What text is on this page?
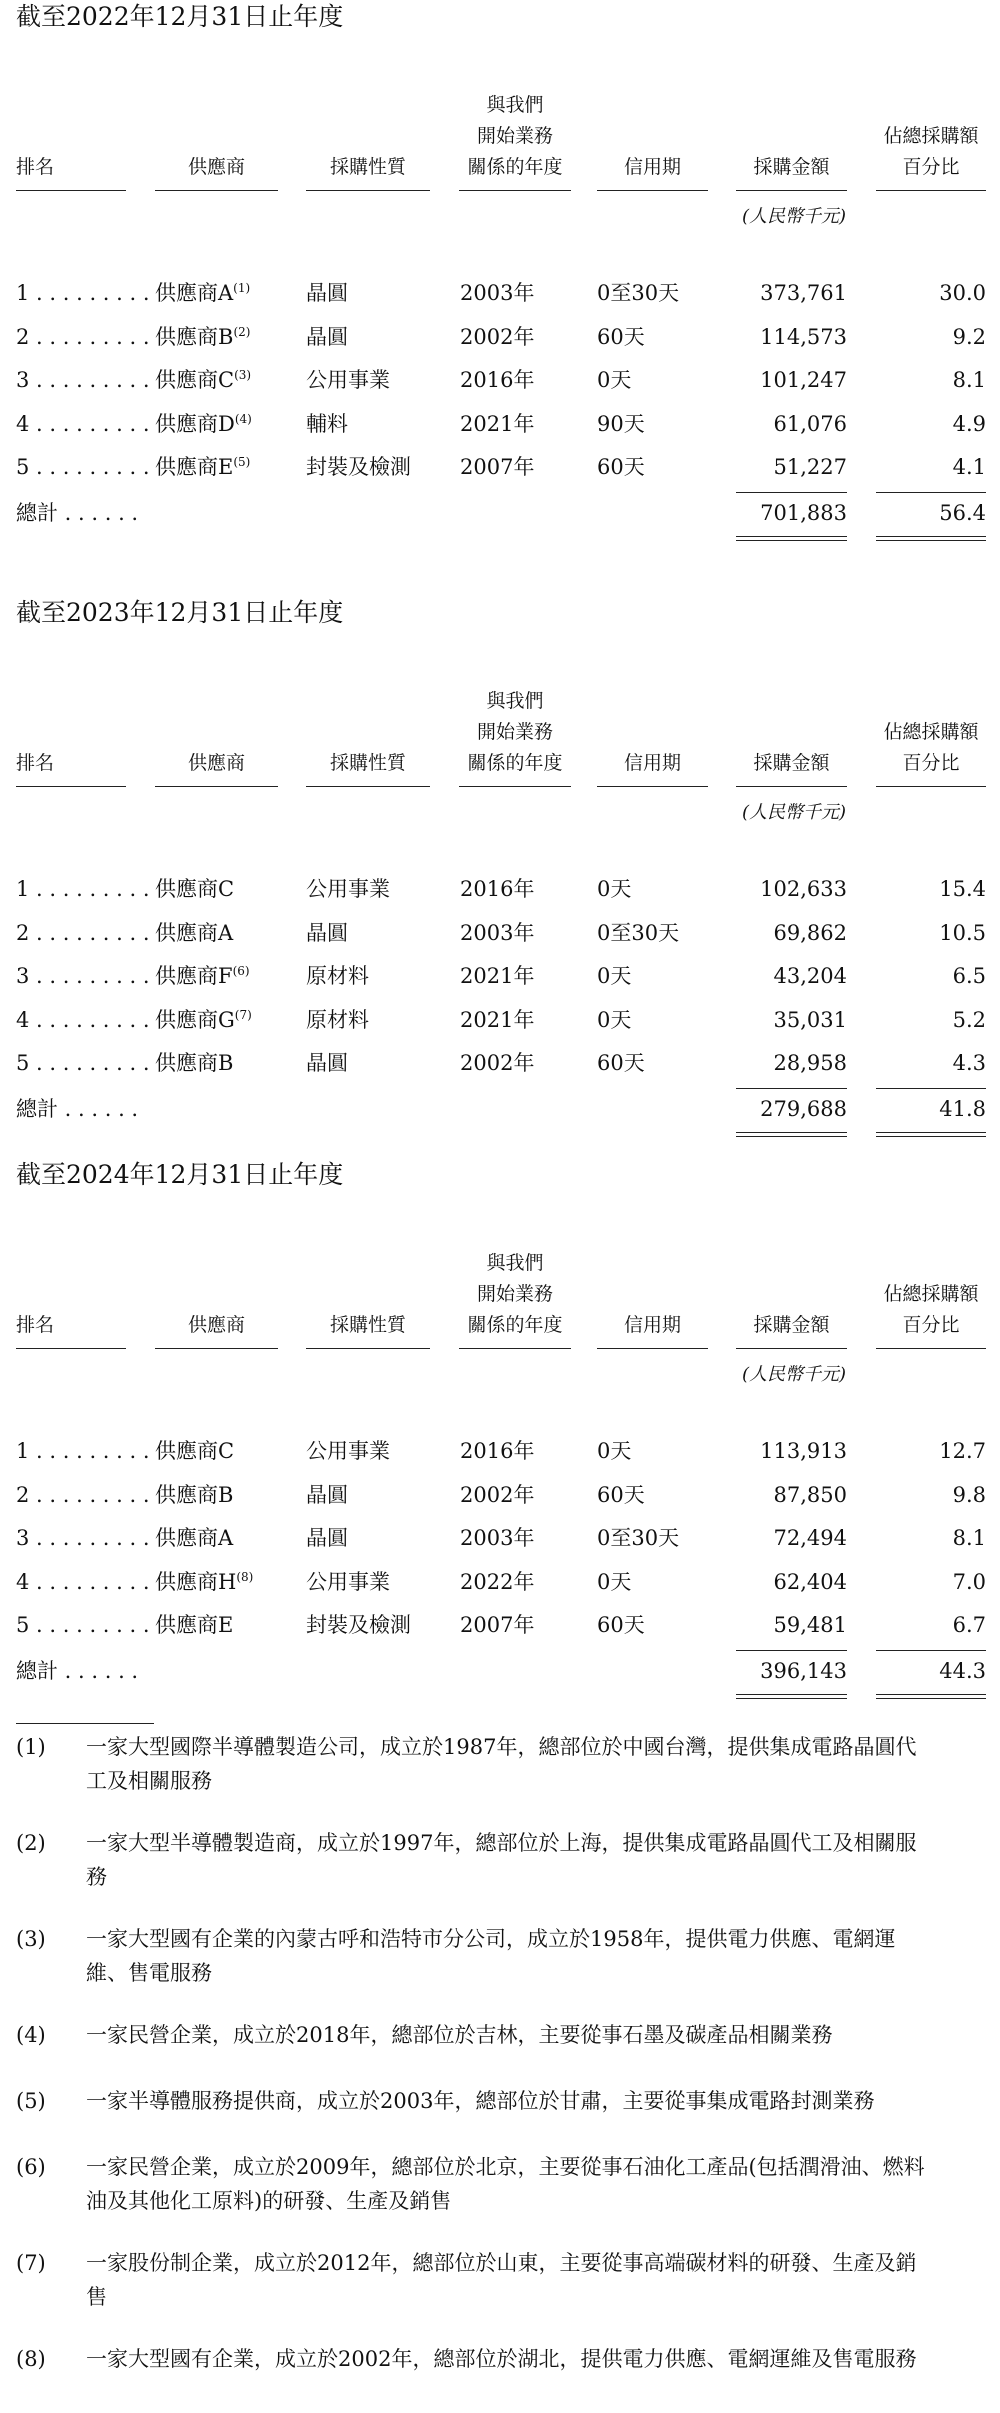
截至2022年12月31日止年度
與我們
開始業務	佔總採購額
排名	供應商	採購性質	關係的年度	信用期	採購金額	百分比
(人民幣千元)
1 . . . . . . . . . 供應商$A^{(1)}$	晶圓	2003年	0至30天	373,761	30.0
2 . . . . . . . . . 供應商$B^{(2)}$	晶圓	2002年	60天	114,573	9.2
3 . . . . . . . . . 供應商$C^{(3)}$	公用事業	2016年	0天	101,247	8.1
4 . . . . . . . . . 供應商$D^{(4)}$	輔料	2021年	90天	61,076	4.9
5 . . . . . . . . . 供應商$E^{(5)}$	封裝及檢測 2007年	60天	51,227	4.1
總計 . . . . . .	701,883	56.4
截至2023年12月31日止年度
與我們
開始業務	佔總採購額
排名	供應商	採購性質	關係的年度	信用期	採購金額	百分比
(人民幣千元)
1 . . . . . . . . . 供應商C	公用事業	2016年	0天	102,633	15.4
2 . . . . . . . . . 供應商A	晶圓	2003年	0至30天	69,862	10.5
3 . . . . . . . . . 供應商$F^{(6)}$	原材料	2021年	0天	43,204	6.5
4 . . . . . . . . . 供應商$G^{(7)}$	原材料	2021年	0天	35,031	5.2
5 . . . . . . . . . 供應商B	晶圓	2002年	60天	28,958	4.3
總計 . . . . . .	279,688	41.8
截至2024年12月31日止年度
與我們
開始業務	佔總採購額
排名	供應商	採購性質	關係的年度	信用期	採購金額	百分比
(人民幣千元)
1 . . . . . . . . . 供應商C	公用事業	2016年	0天	113,913	12.7
2 . . . . . . . . . 供應商B	晶圓	2002年	60天	87,850	9.8
3 . . . . . . . . . 供應商A	晶圓	2003年	0至30天	72,494	8.1
4 . . . . . . . . . 供應商$H^{(8)}$	公用事業	2022年	0天	62,404	7.0
5 . . . . . . . . . 供應商E	封裝及檢測 2007年	60天	59,481	6.7
總計 . . . . . .	396,143	44.3
(1) 一家大型國際半導體製造公司，成立於1987年，總部位於中國台灣，提供集成電路晶圓代
工及相關服務
(2) 一家大型半導體製造商，成立於1997年，總部位於上海，提供集成電路晶圓代工及相關服
務
(3) 一家大型國有企業的內蒙古呼和浩特市分公司，成立於1958年，提供電力供應、電網運
維、售電服務
(4) 一家民營企業，成立於2018年，總部位於吉林，主要從事石墨及碳產品相關業務
(5) 一家半導體服務提供商，成立於2003年，總部位於甘肅，主要從事集成電路封測業務
(6) 一家民營企業，成立於2009年，總部位於北京，主要從事石油化工產品(包括潤滑油、燃料
油及其他化工原料)的研發、生產及銷售
(7) 一家股份制企業，成立於2012年，總部位於山東，主要從事高端碳材料的研發、生產及銷
售
(8) 一家大型國有企業，成立於2002年，總部位於湖北，提供電力供應、電網運維及售電服務
